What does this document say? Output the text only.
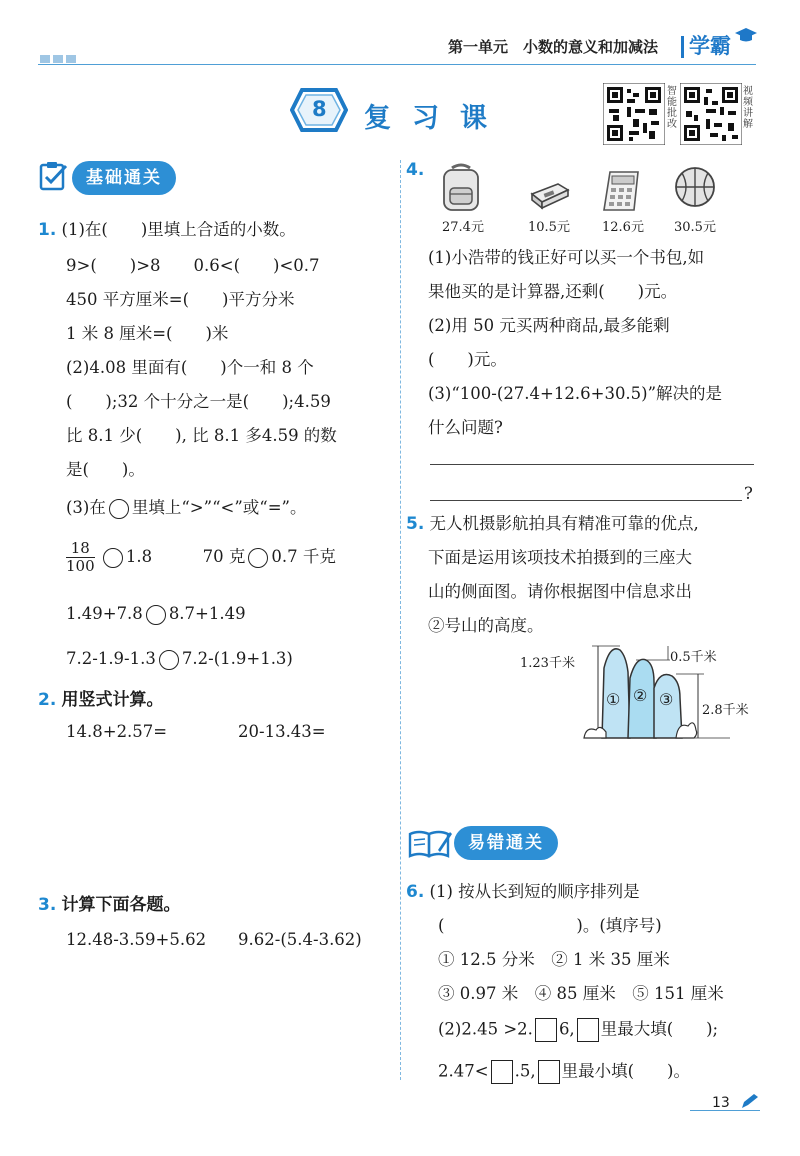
第一单元　小数的意义和加减法 学霸
8 复习课
智
能
批
改
视
频
讲
解
基础通关
1. (1)在(　　)里填上合适的小数。
9>(　　)>8　　0.6<(　　)<0.7
450 平方厘米=(　　)平方分米
1 米 8 厘米=(　　)米
(2)4.08 里面有(　　)个一和 8 个
(　　);32 个十分之一是(　　);4.59
比 8.1 少(　　), 比 8.1 多4.59 的数
是(　　)。
(3)在 里填上“>”“<”或“=”。
$\frac{18}{100} 1.8$	70 克 0.7 千克
1.49+7.8 8.7+1.49
7.2-1.9-1.3 7.2-(1.9+1.3)
2. 用竖式计算。
14.8+2.57=	20-13.43=
3. 计算下面各题。
12.48-3.59+5.62 9.62-(5.4-3.62)
4.
27.4元	10.5元 12.6元 30.5元
(1)小浩带的钱正好可以买一个书包,如
果他买的是计算器,还剩(　　)元。
(2)用 50 元买两种商品,最多能剩
(　　)元。
(3)“100-(27.4+12.6+30.5)”解决的是
什么问题?
?
5. 无人机摄影航拍具有精准可靠的优点,
下面是运用该项技术拍摄到的三座大
山的侧面图。请你根据图中信息求出
②号山的高度。
① ② ③
1.23千米	0.5千米
2.8千米
易错通关
6. (1) 按从长到短的顺序排列是
(　　　　　　　　)。(填序号)
① 12.5 分米　② 1 米 35 厘米
③ 0.97 米　④ 85 厘米　⑤ 151 厘米
(2)2.45 >2. 6, 里最大填(　　);
2.47< .5, 里最小填(　　)。
13
